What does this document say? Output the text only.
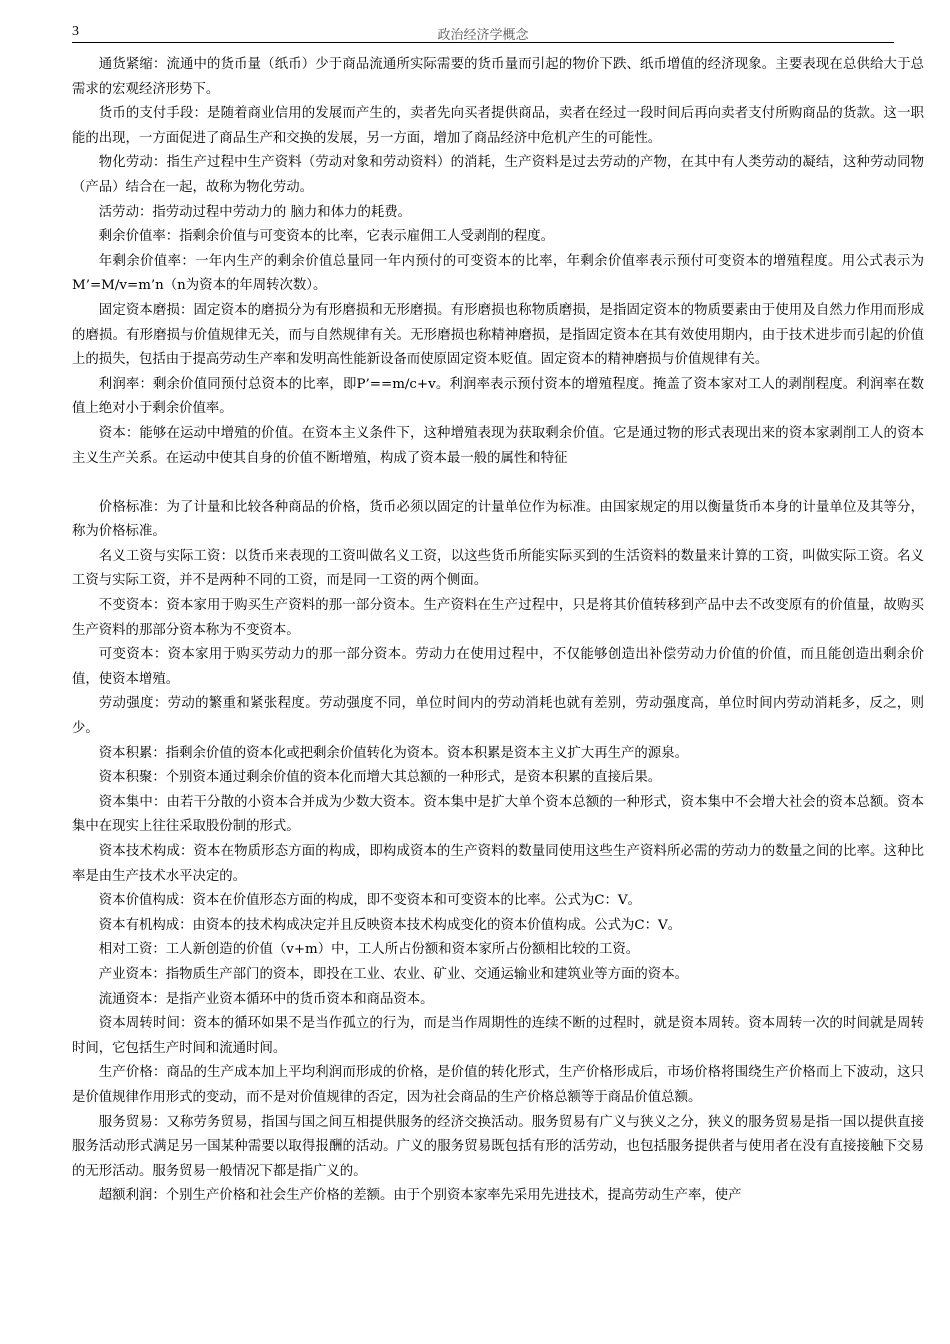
3	政治经济学概念

通货紧缩：流通中的货币量（纸币）少于商品流通所实际需要的货币量而引起的物价下跌、纸币增值的经济现象。主要表现在总供给大于总需求的宏观经济形势下。

货币的支付手段：是随着商业信用的发展而产生的，卖者先向买者提供商品，卖者在经过一段时间后再向卖者支付所购商品的货款。这一职能的出现，一方面促进了商品生产和交换的发展，另一方面，增加了商品经济中危机产生的可能性。

物化劳动：指生产过程中生产资料（劳动对象和劳动资料）的消耗，生产资料是过去劳动的产物，在其中有人类劳动的凝结，这种劳动同物（产品）结合在一起，故称为物化劳动。

活劳动：指劳动过程中劳动力的 脑力和体力的耗费。

剩余价值率：指剩余价值与可变资本的比率，它表示雇佣工人受剥削的程度。

年剩余价值率：一年内生产的剩余价值总量同一年内预付的可变资本的比率，年剩余价值率表示预付可变资本的增殖程度。用公式表示为M’=M/v=m’n（n为资本的年周转次数）。

固定资本磨损：固定资本的磨损分为有形磨损和无形磨损。有形磨损也称物质磨损，是指固定资本的物质要素由于使用及自然力作用而形成的磨损。有形磨损与价值规律无关，而与自然规律有关。无形磨损也称精神磨损，是指固定资本在其有效使用期内，由于技术进步而引起的价值上的损失，包括由于提高劳动生产率和发明高性能新设备而使原固定资本贬值。固定资本的精神磨损与价值规律有关。

利润率：剩余价值同预付总资本的比率，即P’==m/c+v。利润率表示预付资本的增殖程度。掩盖了资本家对工人的剥削程度。利润率在数值上绝对小于剩余价值率。

资本：能够在运动中增殖的价值。在资本主义条件下，这种增殖表现为获取剩余价值。它是通过物的形式表现出来的资本家剥削工人的资本主义生产关系。在运动中使其自身的价值不断增殖，构成了资本最一般的属性和特征

价格标准：为了计量和比较各种商品的价格，货币必须以固定的计量单位作为标准。由国家规定的用以衡量货币本身的计量单位及其等分，称为价格标准。

名义工资与实际工资：以货币来表现的工资叫做名义工资，以这些货币所能实际买到的生活资料的数量来计算的工资，叫做实际工资。名义工资与实际工资，并不是两种不同的工资，而是同一工资的两个侧面。

不变资本：资本家用于购买生产资料的那一部分资本。生产资料在生产过程中，只是将其价值转移到产品中去不改变原有的价值量，故购买生产资料的那部分资本称为不变资本。

可变资本：资本家用于购买劳动力的那一部分资本。劳动力在使用过程中，不仅能够创造出补偿劳动力价值的价值，而且能创造出剩余价值，使资本增殖。

劳动强度：劳动的繁重和紧张程度。劳动强度不同，单位时间内的劳动消耗也就有差别，劳动强度高，单位时间内劳动消耗多，反之，则少。

资本积累：指剩余价值的资本化或把剩余价值转化为资本。资本积累是资本主义扩大再生产的源泉。

资本积聚：个别资本通过剩余价值的资本化而增大其总额的一种形式，是资本积累的直接后果。

资本集中：由若干分散的小资本合并成为少数大资本。资本集中是扩大单个资本总额的一种形式，资本集中不会增大社会的资本总额。资本集中在现实上往往采取股份制的形式。

资本技术构成：资本在物质形态方面的构成，即构成资本的生产资料的数量同使用这些生产资料所必需的劳动力的数量之间的比率。这种比率是由生产技术水平决定的。

资本价值构成：资本在价值形态方面的构成，即不变资本和可变资本的比率。公式为C：V。

资本有机构成：由资本的技术构成决定并且反映资本技术构成变化的资本价值构成。公式为C：V。

相对工资：工人新创造的价值（v+m）中，工人所占份额和资本家所占份额相比较的工资。

产业资本：指物质生产部门的资本，即投在工业、农业、矿业、交通运输业和建筑业等方面的资本。

流通资本：是指产业资本循环中的货币资本和商品资本。

资本周转时间：资本的循环如果不是当作孤立的行为，而是当作周期性的连续不断的过程时，就是资本周转。资本周转一次的时间就是周转时间，它包括生产时间和流通时间。

生产价格：商品的生产成本加上平均利润而形成的价格，是价值的转化形式，生产价格形成后，市场价格将围绕生产价格而上下波动，这只是价值规律作用形式的变动，而不是对价值规律的否定，因为社会商品的生产价格总额等于商品价值总额。

服务贸易：又称劳务贸易，指国与国之间互相提供服务的经济交换活动。服务贸易有广义与狭义之分，狭义的服务贸易是指一国以提供直接服务活动形式满足另一国某种需要以取得报酬的活动。广义的服务贸易既包括有形的活劳动，也包括服务提供者与使用者在没有直接接触下交易的无形活动。服务贸易一般情况下都是指广义的。

超额利润：个别生产价格和社会生产价格的差额。由于个别资本家率先采用先进技术，提高劳动生产率，使产
